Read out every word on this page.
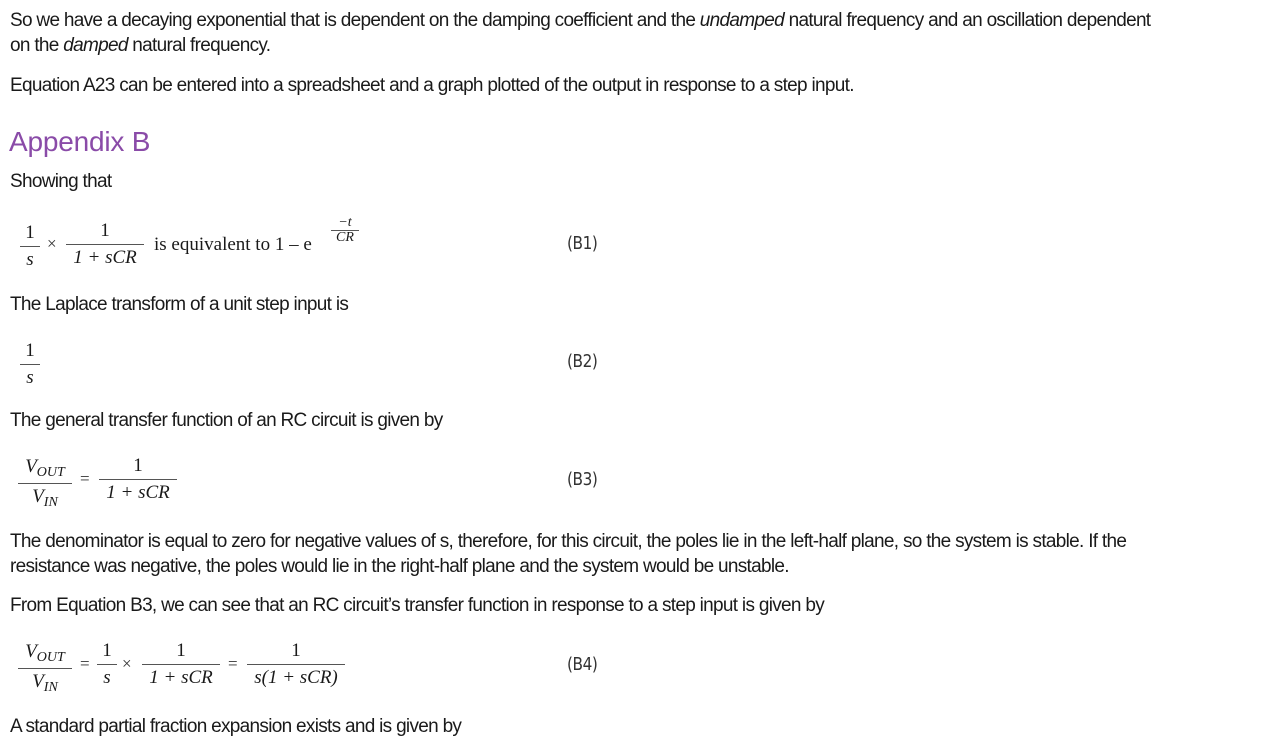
So we have a decaying exponential that is dependent on the damping coefficient and the undamped natural frequency and an oscillation dependent
on the damped natural frequency.
Equation A23 can be entered into a spreadsheet and a graph plotted of the output in response to a step input.
Appendix B
Showing that
1
s
×
1
1 + sCR
is equivalent to 1 – e
−t
CR	(B1)
The Laplace transform of a unit step input is
1
s
(B2)
The general transfer function of an RC circuit is given by
$V_{OUT}$
$V_{IN}$
=
1
1 + sCR
(B3)
The denominator is equal to zero for negative values of s, therefore, for this circuit, the poles lie in the left-half plane, so the system is stable. If the
resistance was negative, the poles would lie in the right-half plane and the system would be unstable.
From Equation B3, we can see that an RC circuit’s transfer function in response to a step input is given by
$V_{OUT}$
$V_{IN}$
=
1
s
×
1
1 + sCR
=
1
s(1 + sCR)
(B4)
A standard partial fraction expansion exists and is given by
